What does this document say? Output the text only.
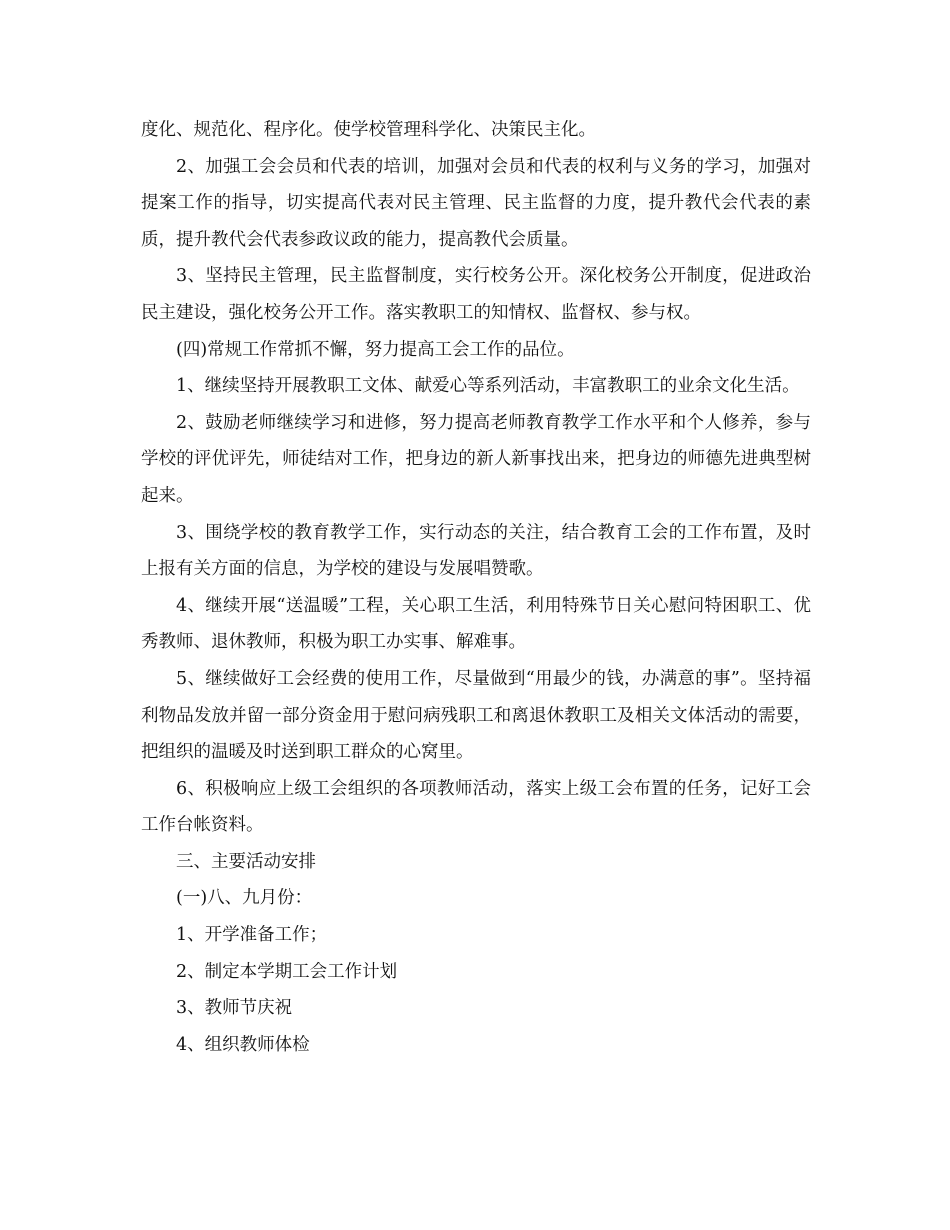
度化、规范化、程序化。使学校管理科学化、决策民主化。

2、加强工会会员和代表的培训，加强对会员和代表的权利与义务的学习，加强对提案工作的指导，切实提高代表对民主管理、民主监督的力度，提升教代会代表的素质，提升教代会代表参政议政的能力，提高教代会质量。

3、坚持民主管理，民主监督制度，实行校务公开。深化校务公开制度，促进政治民主建设，强化校务公开工作。落实教职工的知情权、监督权、参与权。

(四)常规工作常抓不懈，努力提高工会工作的品位。

1、继续坚持开展教职工文体、献爱心等系列活动，丰富教职工的业余文化生活。

2、鼓励老师继续学习和进修，努力提高老师教育教学工作水平和个人修养，参与学校的评优评先，师徒结对工作，把身边的新人新事找出来，把身边的师德先进典型树起来。

3、围绕学校的教育教学工作，实行动态的关注，结合教育工会的工作布置，及时上报有关方面的信息，为学校的建设与发展唱赞歌。

4、继续开展“送温暖”工程，关心职工生活，利用特殊节日关心慰问特困职工、优秀教师、退休教师，积极为职工办实事、解难事。

5、继续做好工会经费的使用工作，尽量做到“用最少的钱，办满意的事”。坚持福利物品发放并留一部分资金用于慰问病残职工和离退休教职工及相关文体活动的需要，把组织的温暖及时送到职工群众的心窝里。

6、积极响应上级工会组织的各项教师活动，落实上级工会布置的任务，记好工会工作台帐资料。

三、主要活动安排

(一)八、九月份：

1、开学准备工作；

2、制定本学期工会工作计划

3、教师节庆祝

4、组织教师体检
